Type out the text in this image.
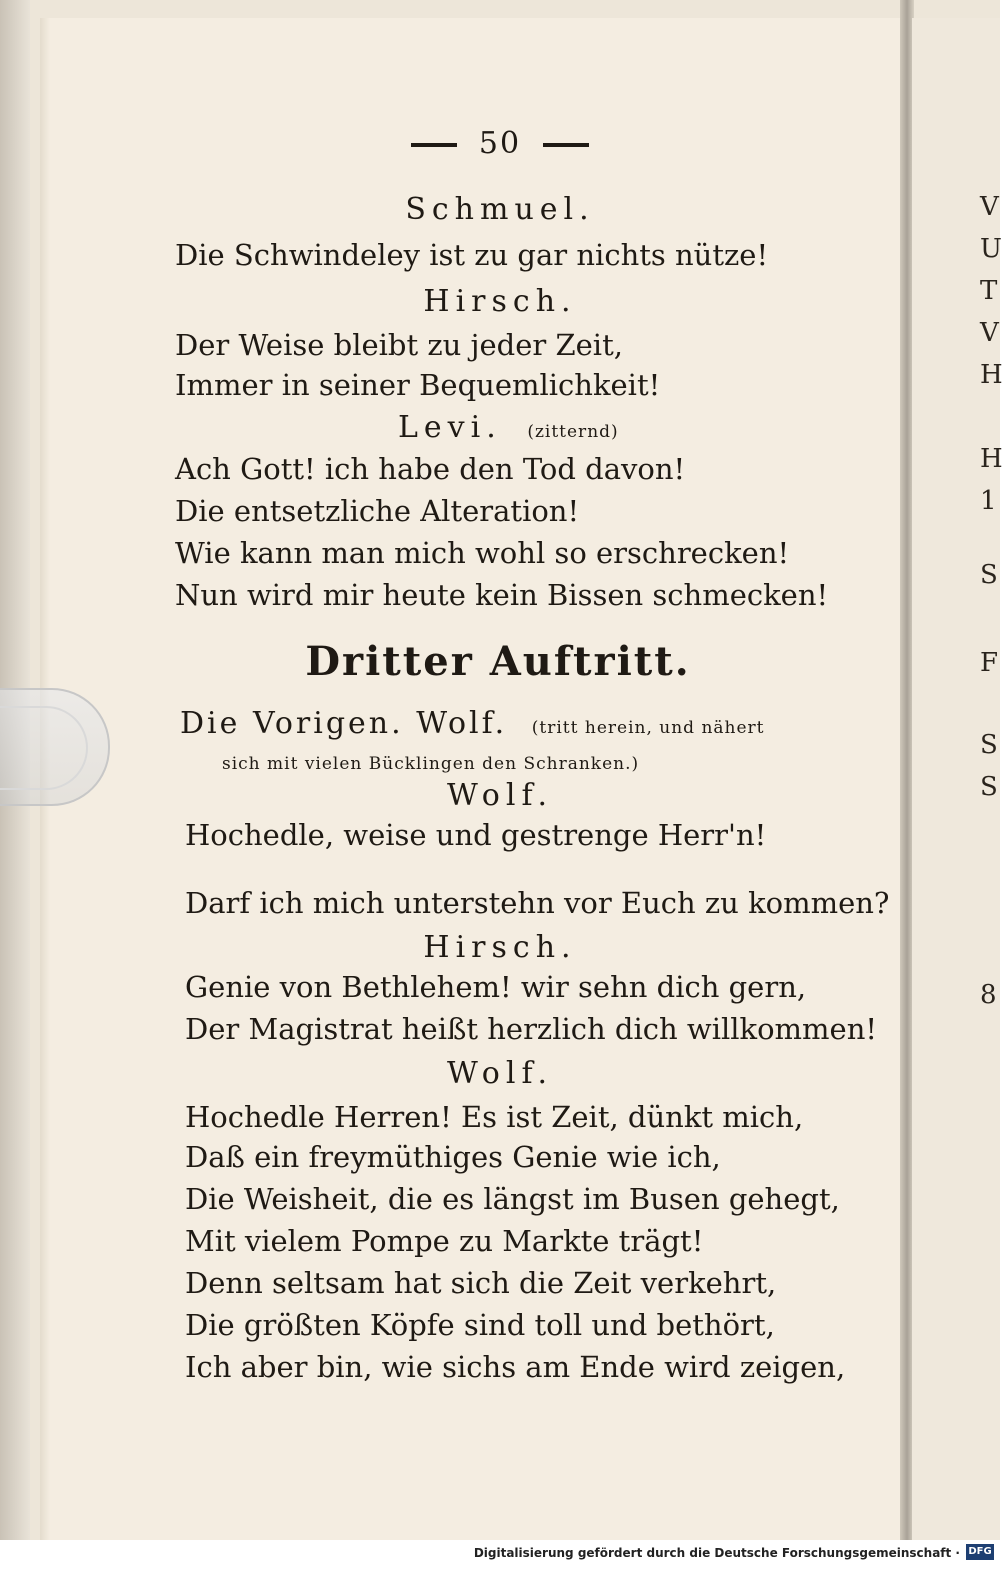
50
Schmuel.
Die Schwindeley ist zu gar nichts nütze!
Hirsch.
Der Weise bleibt zu jeder Zeit,
Immer in seiner Bequemlichkeit!
Levi. (zitternd)
Ach Gott! ich habe den Tod davon!
Die entsetzliche Alteration!
Wie kann man mich wohl so erschrecken!
Nun wird mir heute kein Bissen schmecken!
Dritter Auftritt.
Die Vorigen. Wolf. (tritt herein, und nähert
sich mit vielen Bücklingen den Schranken.)
Wolf.
Hochedle, weise und gestrenge Herr'n!
Darf ich mich unterstehn vor Euch zu kommen?
Hirsch.
Genie von Bethlehem! wir sehn dich gern,
Der Magistrat heißt herzlich dich willkommen!
Wolf.
Hochedle Herren! Es ist Zeit, dünkt mich,
Daß ein freymüthiges Genie wie ich,
Die Weisheit, die es längst im Busen gehegt,
Mit vielem Pompe zu Markte trägt!
Denn seltsam hat sich die Zeit verkehrt,
Die größten Köpfe sind toll und bethört,
Ich aber bin, wie sichs am Ende wird zeigen,
V
U
T
V
H
H
1
S
F
S
8
S
Digitalisierung gefördert durch die Deutsche Forschungsgemeinschaft · DFG
